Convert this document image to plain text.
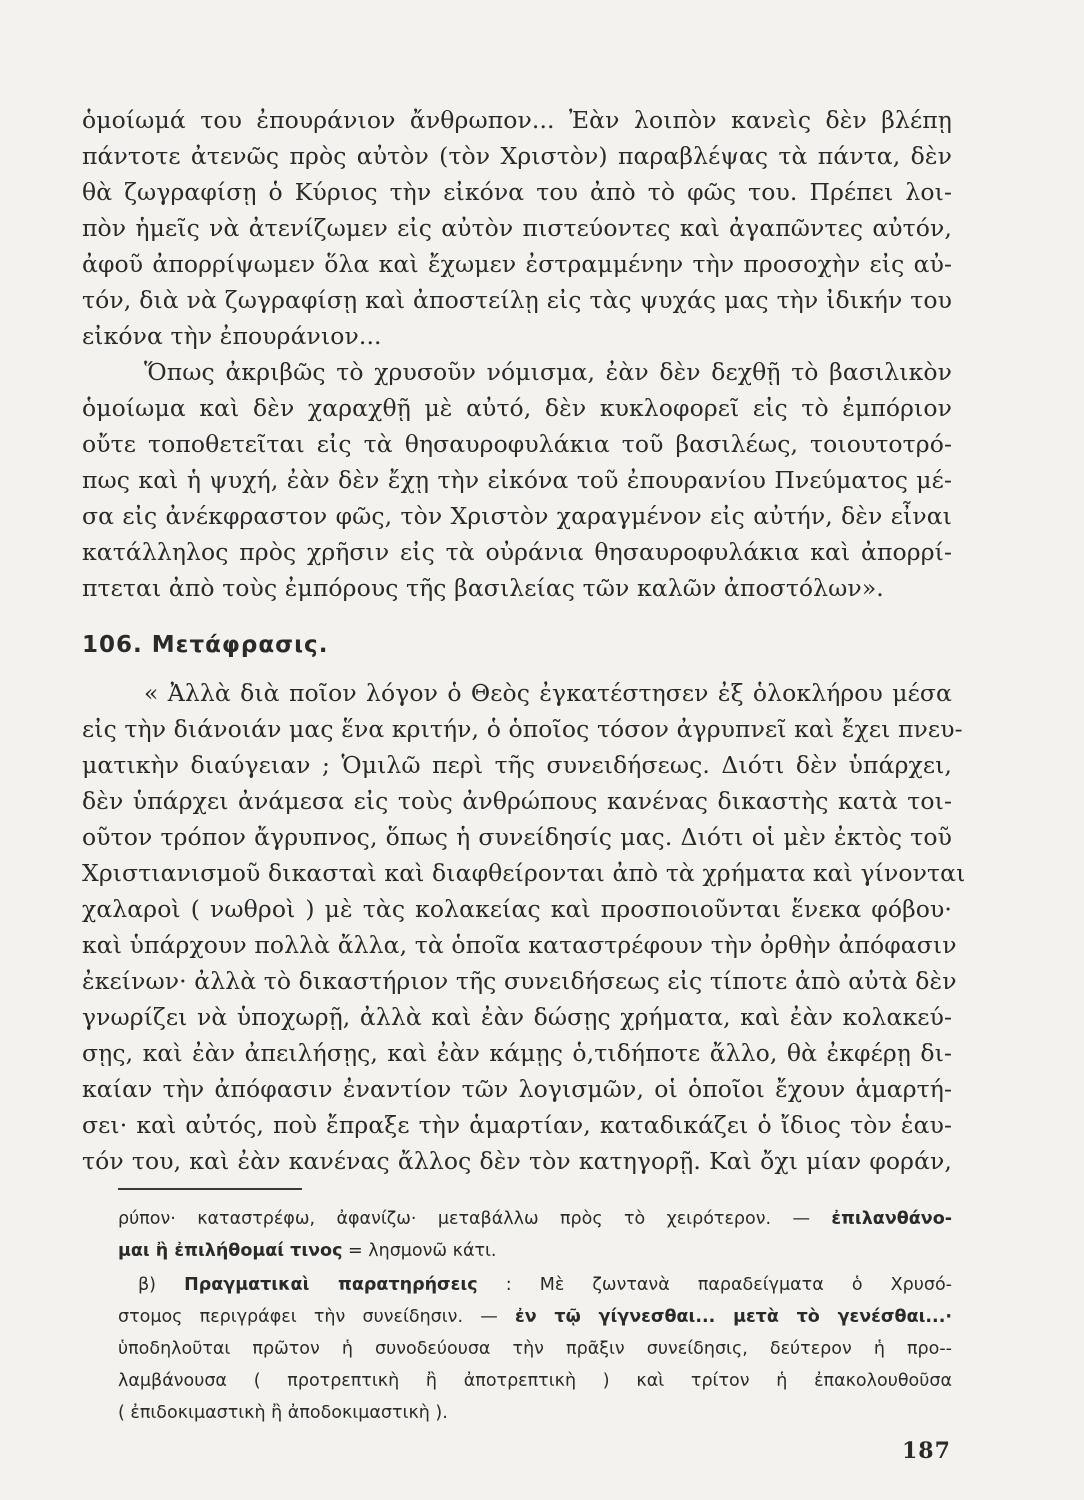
ὁμοίωμά του ἐπουράνιον ἄνθρωπον... Ἐὰν λοιπὸν κανεὶς δὲν βλέπῃ
πάντοτε ἀτενῶς πρὸς αὐτὸν (τὸν Χριστὸν) παραβλέψας τὰ πάντα, δὲν
θὰ ζωγραφίσῃ ὁ Κύριος τὴν εἰκόνα του ἀπὸ τὸ φῶς του. Πρέπει λοι-
πὸν ἡμεῖς νὰ ἀτενίζωμεν εἰς αὐτὸν πιστεύοντες καὶ ἀγαπῶντες αὐτόν,
ἀφοῦ ἀπορρίψωμεν ὅλα καὶ ἔχωμεν ἐστραμμένην τὴν προσοχὴν εἰς αὐ-
τόν, διὰ νὰ ζωγραφίσῃ καὶ ἀποστείλῃ εἰς τὰς ψυχάς μας τὴν ἰδικήν του
εἰκόνα τὴν ἐπουράνιον...
Ὅπως ἀκριβῶς τὸ χρυσοῦν νόμισμα, ἐὰν δὲν δεχθῇ τὸ βασιλικὸν
ὁμοίωμα καὶ δὲν χαραχθῇ μὲ αὐτό, δὲν κυκλοφορεῖ εἰς τὸ ἐμπόριον
οὔτε τοποθετεῖται εἰς τὰ θησαυροφυλάκια τοῦ βασιλέως, τοιουτοτρό-
πως καὶ ἡ ψυχή, ἐὰν δὲν ἔχῃ τὴν εἰκόνα τοῦ ἐπουρανίου Πνεύματος μέ-
σα εἰς ἀνέκφραστον φῶς, τὸν Χριστὸν χαραγμένον εἰς αὐτήν, δὲν εἶναι
κατάλληλος πρὸς χρῆσιν εἰς τὰ οὐράνια θησαυροφυλάκια καὶ ἀπορρί-
πτεται ἀπὸ τοὺς ἐμπόρους τῆς βασιλείας τῶν καλῶν ἀποστόλων».
106. Μετάφρασις.
« Ἀλλὰ διὰ ποῖον λόγον ὁ Θεὸς ἐγκατέστησεν ἐξ ὁλοκλήρου μέσα
εἰς τὴν διάνοιάν μας ἕνα κριτήν, ὁ ὁποῖος τόσον ἀγρυπνεῖ καὶ ἔχει πνευ-
ματικὴν διαύγειαν ; Ὁμιλῶ περὶ τῆς συνειδήσεως. Διότι δὲν ὑπάρχει,
δὲν ὑπάρχει ἀνάμεσα εἰς τοὺς ἀνθρώπους κανένας δικαστὴς κατὰ τοι-
οῦτον τρόπον ἄγρυπνος, ὅπως ἡ συνείδησίς μας. Διότι οἱ μὲν ἐκτὸς τοῦ
Χριστιανισμοῦ δικασταὶ καὶ διαφθείρονται ἀπὸ τὰ χρήματα καὶ γίνονται
χαλαροὶ ( νωθροὶ ) μὲ τὰς κολακείας καὶ προσποιοῦνται ἕνεκα φόβου·
καὶ ὑπάρχουν πολλὰ ἄλλα, τὰ ὁποῖα καταστρέφουν τὴν ὀρθὴν ἀπόφασιν
ἐκείνων· ἀλλὰ τὸ δικαστήριον τῆς συνειδήσεως εἰς τίποτε ἀπὸ αὐτὰ δὲν
γνωρίζει νὰ ὑποχωρῇ, ἀλλὰ καὶ ἐὰν δώσῃς χρήματα, καὶ ἐὰν κολακεύ-
σῃς, καὶ ἐὰν ἀπειλήσῃς, καὶ ἐὰν κάμῃς ὁ,τιδήποτε ἄλλο, θὰ ἐκφέρῃ δι-
καίαν τὴν ἀπόφασιν ἐναντίον τῶν λογισμῶν, οἱ ὁποῖοι ἔχουν ἁμαρτή-
σει· καὶ αὐτός, ποὺ ἔπραξε τὴν ἁμαρτίαν, καταδικάζει ὁ ἴδιος τὸν ἑαυ-
τόν του, καὶ ἐὰν κανένας ἄλλος δὲν τὸν κατηγορῇ. Καὶ ὄχι μίαν φοράν,
ρύπον· καταστρέφω, ἀφανίζω· μεταβάλλω πρὸς τὸ χειρότερον. — ἐπιλανθάνο-
μαι ἢ ἐπιλήθομαί τινος = λησμονῶ κάτι.
β) Πραγματικαὶ παρατηρήσεις : Μὲ ζωντανὰ παραδείγματα ὁ Χρυσό-
στομος περιγράφει τὴν συνείδησιν. — ἐν τῷ γίγνεσθαι... μετὰ τὸ γενέσθαι...·
ὑποδηλοῦται πρῶτον ἡ συνοδεύουσα τὴν πρᾶξιν συνείδησις, δεύτερον ἡ προ--
λαμβάνουσα ( προτρεπτικὴ ἢ ἀποτρεπτικὴ ) καὶ τρίτον ἡ ἐπακολουθοῦσα
( ἐπιδοκιμαστικὴ ἢ ἀποδοκιμαστικὴ ).
187
